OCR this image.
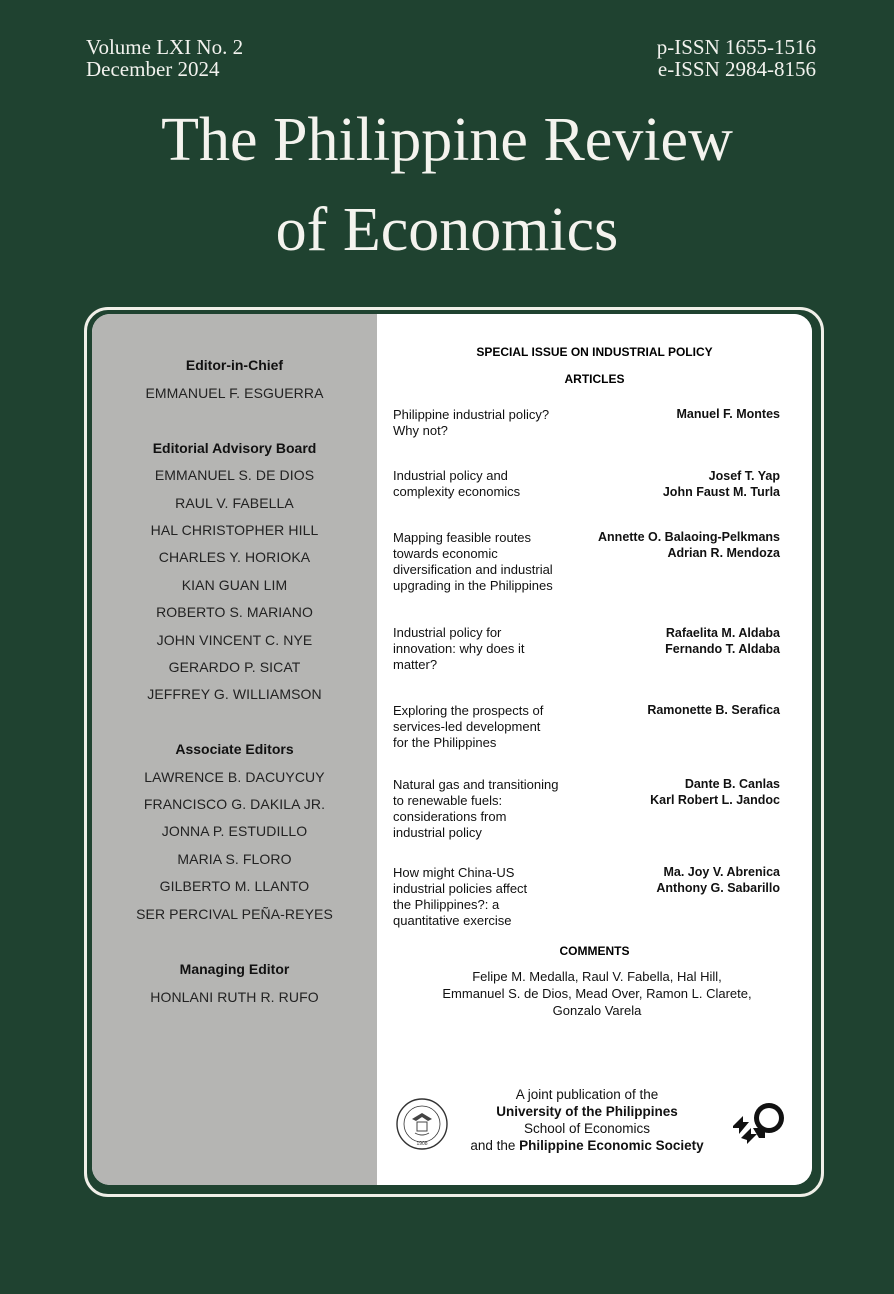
Volume LXI No. 2
December 2024
p-ISSN 1655-1516
e-ISSN 2984-8156
The Philippine Review
of Economics
Editor-in-Chief
EMMANUEL F. ESGUERRA
Editorial Advisory Board
EMMANUEL S. DE DIOS
RAUL V. FABELLA
HAL CHRISTOPHER HILL
CHARLES Y. HORIOKA
KIAN GUAN LIM
ROBERTO S. MARIANO
JOHN VINCENT C. NYE
GERARDO P. SICAT
JEFFREY G. WILLIAMSON
Associate Editors
LAWRENCE B. DACUYCUY
FRANCISCO G. DAKILA JR.
JONNA P. ESTUDILLO
MARIA S. FLORO
GILBERTO M. LLANTO
SER PERCIVAL PEÑA-REYES
Managing Editor
HONLANI RUTH R. RUFO
SPECIAL ISSUE ON INDUSTRIAL POLICY
ARTICLES
Philippine industrial policy?
Why not?
Manuel F. Montes
Industrial policy and
complexity economics
Josef T. Yap
John Faust M. Turla
Mapping feasible routes
towards economic
diversification and industrial
upgrading in the Philippines
Annette O. Balaoing-Pelkmans
Adrian R. Mendoza
Industrial policy for
innovation: why does it
matter?
Rafaelita M. Aldaba
Fernando T. Aldaba
Exploring the prospects of
services-led development
for the Philippines
Ramonette B. Serafica
Natural gas and transitioning
to renewable fuels:
considerations from
industrial policy
Dante B. Canlas
Karl Robert L. Jandoc
How might China-US
industrial policies affect
the Philippines?: a
quantitative exercise
Ma. Joy V. Abrenica
Anthony G. Sabarillo
COMMENTS
Felipe M. Medalla, Raul V. Fabella, Hal Hill,
Emmanuel S. de Dios, Mead Over, Ramon L. Clarete,
Gonzalo Varela
1908
A joint publication of the
University of the Philippines
School of Economics
and the Philippine Economic Society
